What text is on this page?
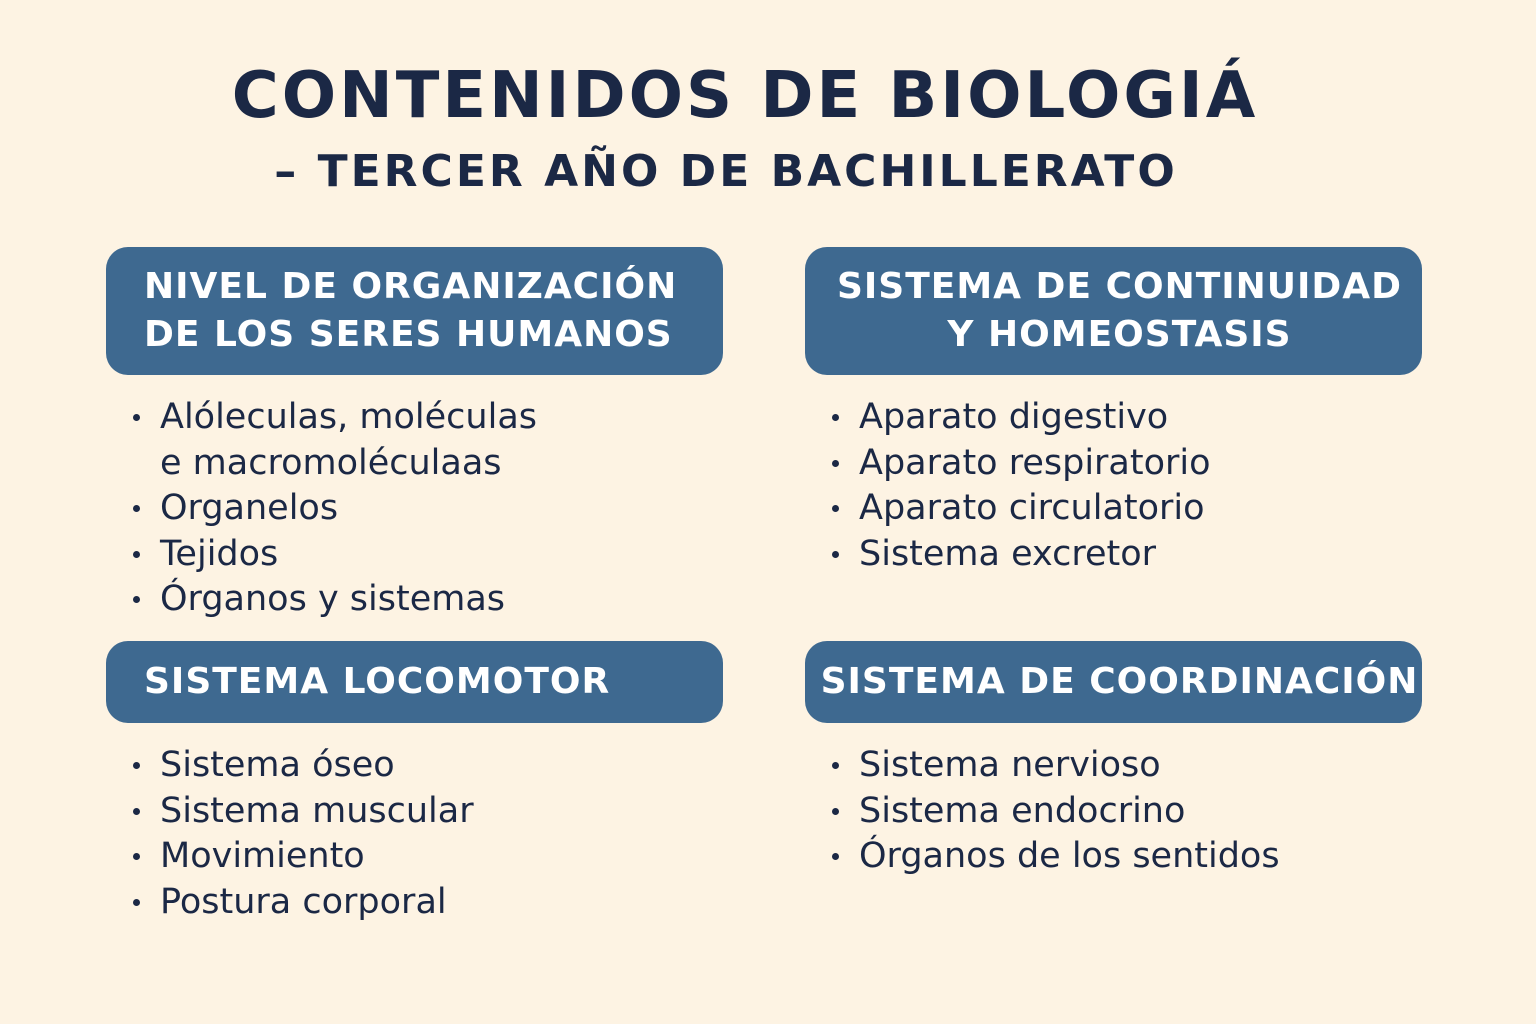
CONTENIDOS DE BIOLOGIÁ
– TERCER AÑO DE BACHILLERATO
NIVEL DE ORGANIZACIÓN
DE LOS SERES HUMANOS
Alóleculas, moléculas
e macromoléculaas
Organelos
Tejidos
Órganos y sistemas
SISTEMA DE CONTINUIDAD
Y HOMEOSTASIS
Aparato digestivo
Aparato respiratorio
Aparato circulatorio
Sistema excretor
SISTEMA LOCOMOTOR
Sistema óseo
Sistema muscular
Movimiento
Postura corporal
SISTEMA DE COORDINACIÓN
Sistema nervioso
Sistema endocrino
Órganos de los sentidos
